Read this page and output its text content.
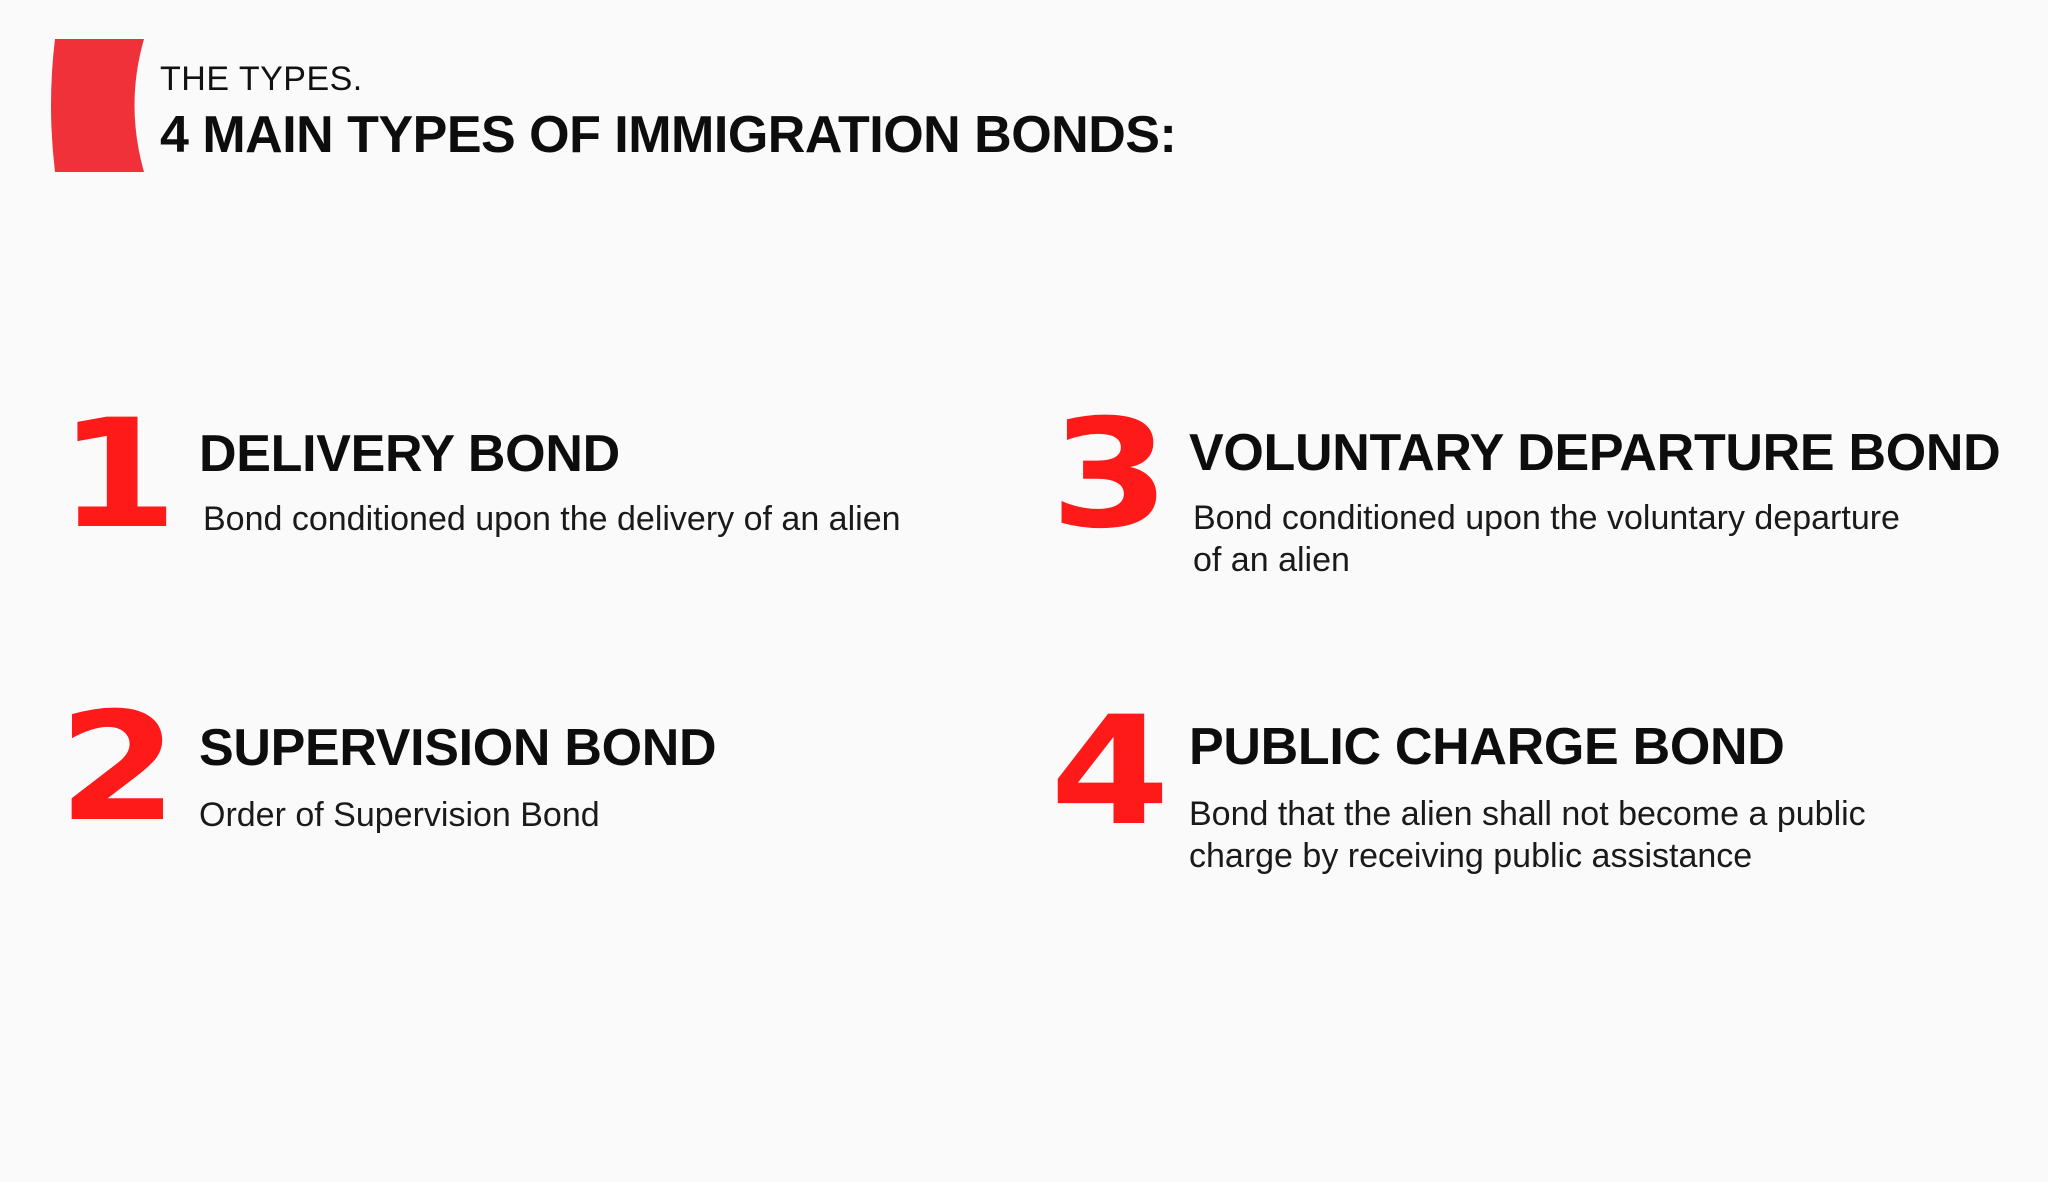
THE TYPES.
4 MAIN TYPES OF IMMIGRATION BONDS:
1 DELIVERY BOND
Bond conditioned upon the delivery of an alien
2 SUPERVISION BOND
Order of Supervision Bond
3 VOLUNTARY DEPARTURE BOND
Bond conditioned upon the voluntary departure of an alien
4 PUBLIC CHARGE BOND
Bond that the alien shall not become a public charge by receiving public assistance
